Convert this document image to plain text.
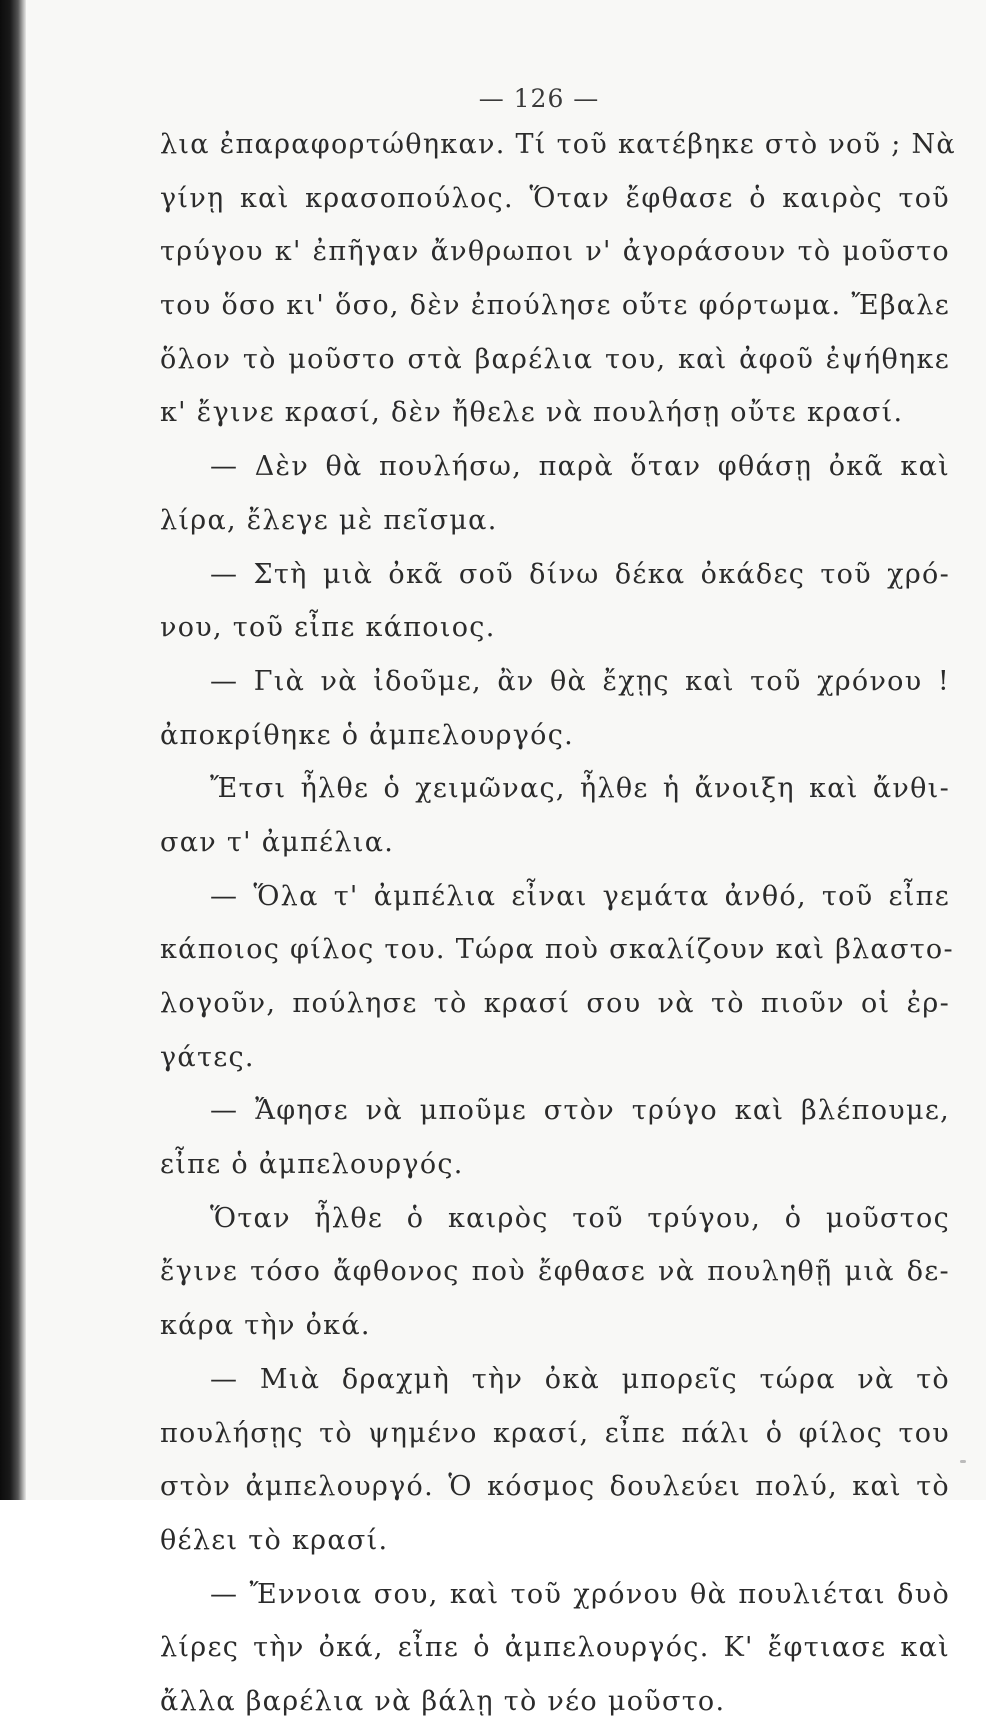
— 126 —
λια ἐπαραφορτώθηκαν. Τί τοῦ κατέβηκε στὸ νοῦ ; Νὰ
γίνῃ καὶ κρασοπούλος. Ὅταν ἔφθασε ὁ καιρὸς τοῦ
τρύγου κ' ἐπῆγαν ἄνθρωποι ν' ἀγοράσουν τὸ μοῦστο
του ὅσο κι' ὅσο, δὲν ἐπούλησε οὔτε φόρτωμα. Ἔβαλε
ὅλον τὸ μοῦστο στὰ βαρέλια του, καὶ ἀφοῦ ἐψήθηκε
κ' ἔγινε κρασί, δὲν ἤθελε νὰ πουλήσῃ οὔτε κρασί.
— Δὲν θὰ πουλήσω, παρὰ ὅταν φθάσῃ ὀκᾶ καὶ
λίρα, ἔλεγε μὲ πεῖσμα.
— Στὴ μιὰ ὀκᾶ σοῦ δίνω δέκα ὀκάδες τοῦ χρό-
νου, τοῦ εἶπε κάποιος.
— Γιὰ νὰ ἰδοῦμε, ἂν θὰ ἔχῃς καὶ τοῦ χρόνου !
ἀποκρίθηκε ὁ ἀμπελουργός.
Ἔτσι ἦλθε ὁ χειμῶνας, ἦλθε ἡ ἄνοιξη καὶ ἄνθι-
σαν τ' ἀμπέλια.
— Ὅλα τ' ἀμπέλια εἶναι γεμάτα ἀνθό, τοῦ εἶπε
κάποιος φίλος του. Τώρα ποὺ σκαλίζουν καὶ βλαστο-
λογοῦν, πούλησε τὸ κρασί σου νὰ τὸ πιοῦν οἱ ἐρ-
γάτες.
— Ἄφησε νὰ μποῦμε στὸν τρύγο καὶ βλέπουμε,
εἶπε ὁ ἀμπελουργός.
Ὅταν ἦλθε ὁ καιρὸς τοῦ τρύγου, ὁ μοῦστος
ἔγινε τόσο ἄφθονος ποὺ ἔφθασε νὰ πουληθῇ μιὰ δε-
κάρα τὴν ὀκά.
— Μιὰ δραχμὴ τὴν ὀκὰ μπορεῖς τώρα νὰ τὸ
πουλήσῃς τὸ ψημένο κρασί, εἶπε πάλι ὁ φίλος του
στὸν ἀμπελουργό. Ὁ κόσμος δουλεύει πολύ, καὶ τὸ
θέλει τὸ κρασί.
— Ἔννοια σου, καὶ τοῦ χρόνου θὰ πουλιέται δυὸ
λίρες τὴν ὀκά, εἶπε ὁ ἀμπελουργός. Κ' ἔφτιασε καὶ
ἄλλα βαρέλια νὰ βάλῃ τὸ νέο μοῦστο.
